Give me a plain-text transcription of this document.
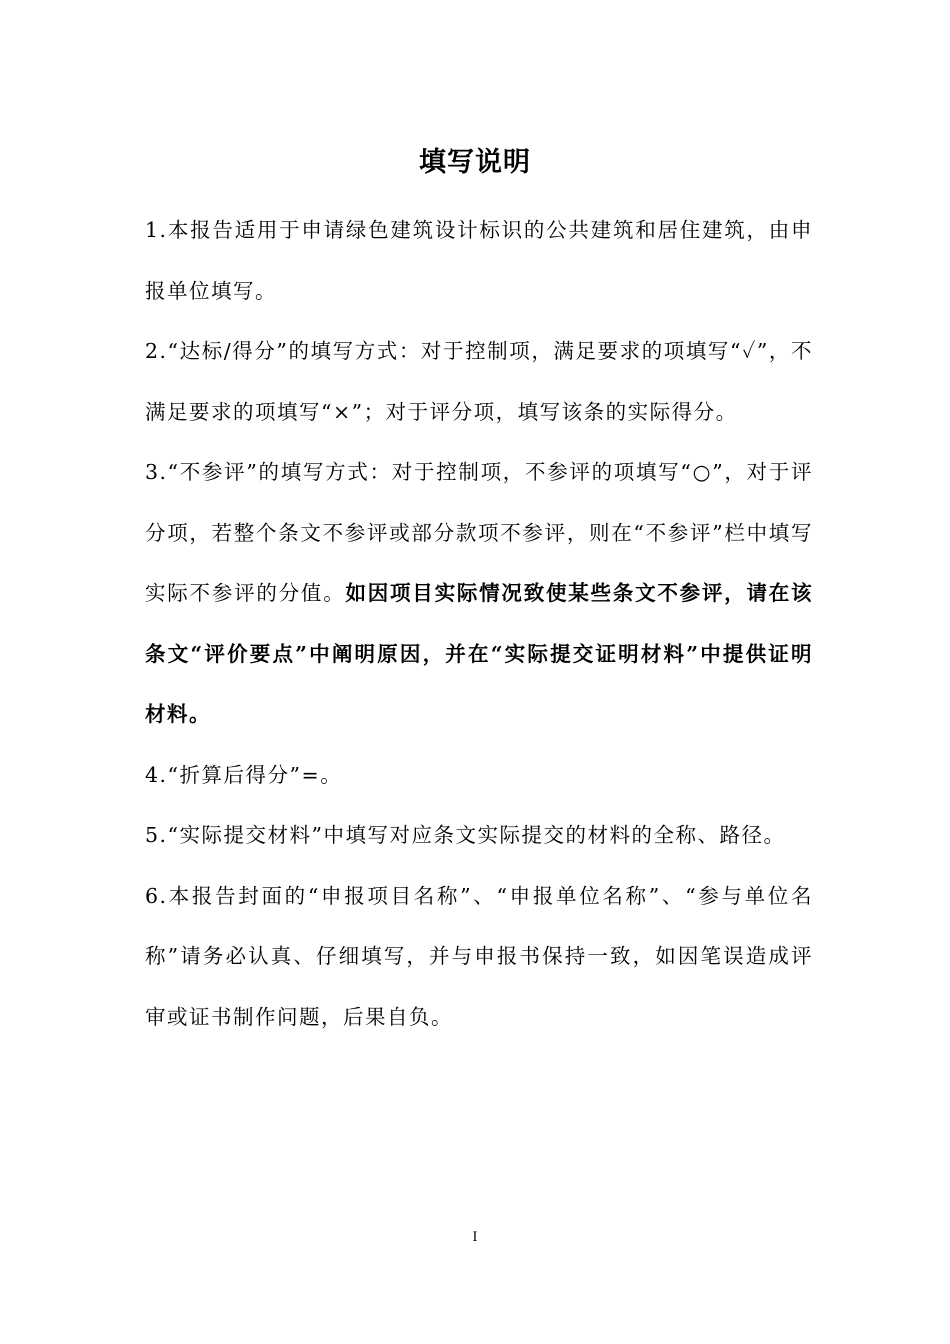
填写说明

1.本报告适用于申请绿色建筑设计标识的公共建筑和居住建筑，由申报单位填写。

2.“达标/得分”的填写方式：对于控制项，满足要求的项填写“✓”，不满足要求的项填写“×”；对于评分项，填写该条的实际得分。

3.“不参评”的填写方式：对于控制项，不参评的项填写“○”，对于评分项，若整个条文不参评或部分款项不参评，则在“不参评”栏中填写实际不参评的分值。如因项目实际情况致使某些条文不参评，请在该条文“评价要点”中阐明原因，并在“实际提交证明材料”中提供证明材料。

4.“折算后得分”=。

5.“实际提交材料”中填写对应条文实际提交的材料的全称、路径。

6.本报告封面的“申报项目名称”、“申报单位名称”、“参与单位名称”请务必认真、仔细填写，并与申报书保持一致，如因笔误造成评审或证书制作问题，后果自负。

I
